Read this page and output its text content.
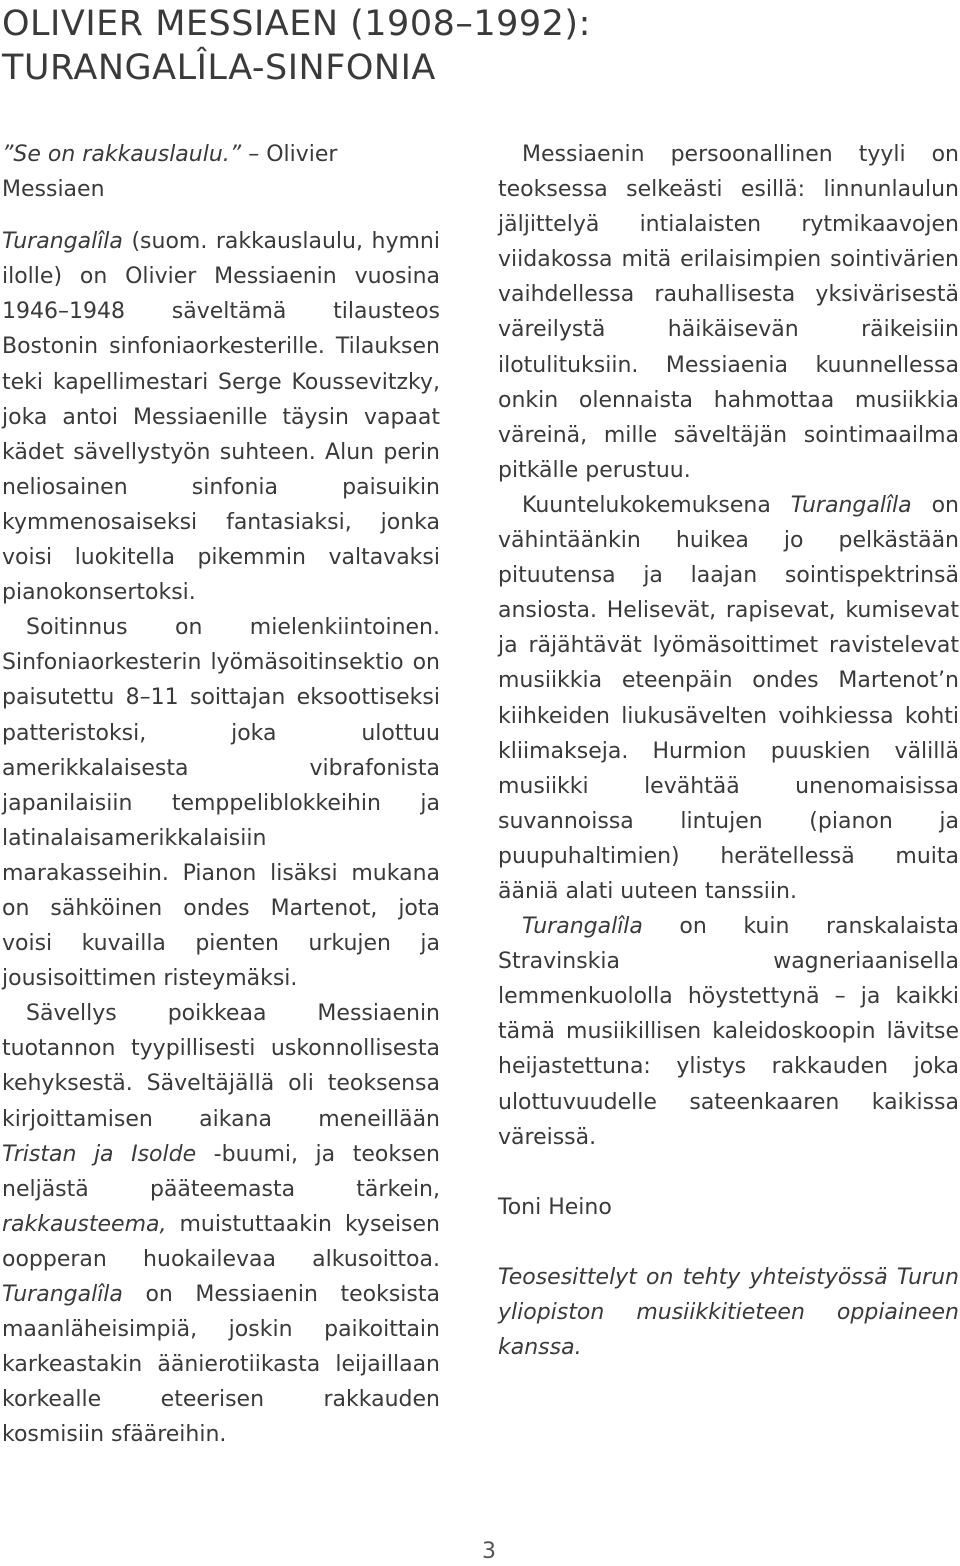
OLIVIER MESSIAEN (1908–1992):
TURANGALÎLA-SINFONIA

”Se on rakkauslaulu.” – Olivier Messiaen

Turangalîla (suom. rakkauslaulu, hymni ilolle) on Olivier Messiaenin vuosina 1946–1948 säveltämä tilausteos Bostonin sinfoniaorkesterille. Tilauksen teki kapellimestari Serge Koussevitzky, joka antoi Messiaenille täysin vapaat kädet sävellystyön suhteen. Alun perin neliosainen sinfonia paisuikin kymmenosaiseksi fantasiaksi, jonka voisi luokitella pikemmin valtavaksi pianokonsertoksi.

Soitinnus on mielenkiintoinen. Sinfoniaorkesterin lyömäsoitinsektio on paisutettu 8–11 soittajan eksoottiseksi patteristoksi, joka ulottuu amerikkalaisesta vibrafonista japanilaisiin temppeliblokkeihin ja latinalaisamerikkalaisiin marakasseihin. Pianon lisäksi mukana on sähköinen ondes Martenot, jota voisi kuvailla pienten urkujen ja jousisoittimen risteymäksi.

Sävellys poikkeaa Messiaenin tuotannon tyypillisesti uskonnollisesta kehyksestä. Säveltäjällä oli teoksensa kirjoittamisen aikana meneillään Tristan ja Isolde -buumi, ja teoksen neljästä pääteemasta tärkein, rakkausteema, muistuttaakin kyseisen oopperan huokailevaa alkusoittoa. Turangalîla on Messiaenin teoksista maanläheisimpiä, joskin paikoittain karkeastakin äänierotiikasta leijaillaan korkealle eteerisen rakkauden kosmisiin sfääreihin.

Messiaenin persoonallinen tyyli on teoksessa selkeästi esillä: linnunlaulun jäljittelyä intialaisten rytmikaavojen viidakossa mitä erilaisimpien sointivärien vaihdellessa rauhallisesta yksivärisestä väreilystä häikäisevän räikeisiin ilotulituksiin. Messiaenia kuunnellessa onkin olennaista hahmottaa musiikkia väreinä, mille säveltäjän sointimaailma pitkälle perustuu.

Kuuntelukokemuksena Turangalîla on vähintäänkin huikea jo pelkästään pituutensa ja laajan sointispektrinsä ansiosta. Helisevät, rapisevat, kumisevat ja räjähtävät lyömäsoittimet ravistelevat musiikkia eteenpäin ondes Martenot’n kiihkeiden liukusävelten voihkiessa kohti kliimakseja. Hurmion puuskien välillä musiikki levähtää unenomaisissa suvannoissa lintujen (pianon ja puupuhaltimien) herätellessä muita ääniä alati uuteen tanssiin.

Turangalîla on kuin ranskalaista Stravinskia wagneriaanisella lemmenkuololla höystettynä – ja kaikki tämä musiikillisen kaleidoskoopin lävitse heijastettuna: ylistys rakkauden joka ulottuvuudelle sateenkaaren kaikissa väreissä.

Toni Heino

Teosesittelyt on tehty yhteistyössä Turun yliopiston musiikkitieteen oppiaineen kanssa.

3
